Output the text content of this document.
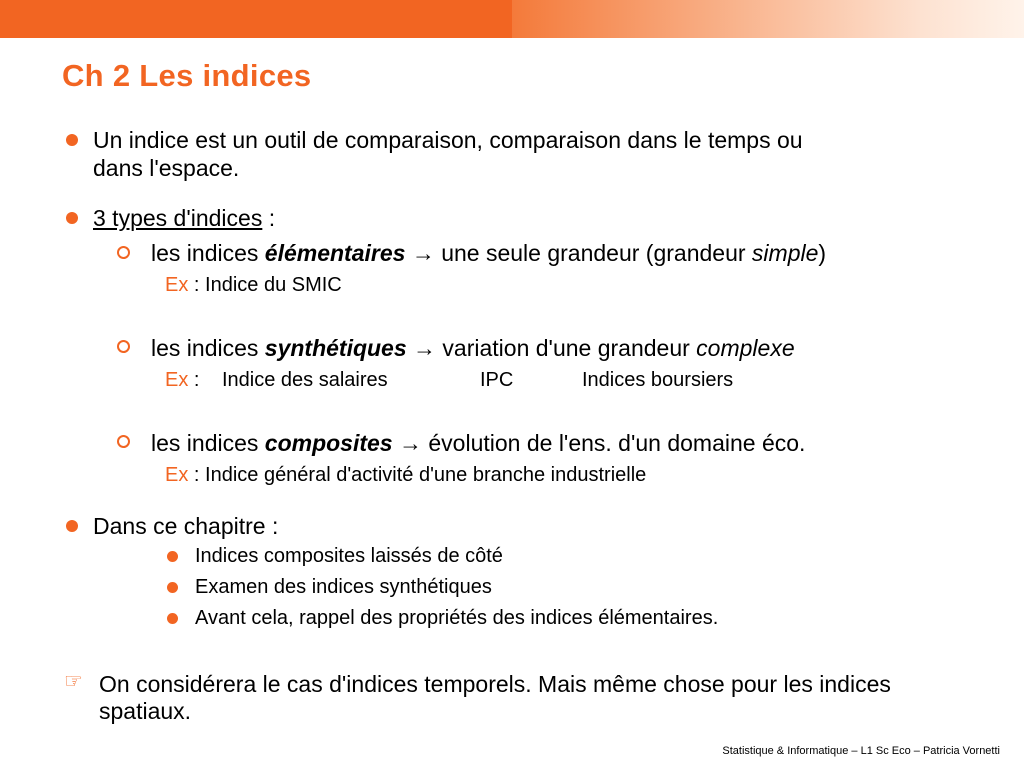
Ch 2 Les indices
Un indice est un outil de comparaison, comparaison dans le temps ou
dans l'espace.
3 types d'indices :
les indices élémentaires → une seule grandeur (grandeur simple)
Ex : Indice du SMIC
les indices synthétiques → variation d'une grandeur complexe
Ex : Indice des salaires	IPC	Indices boursiers
les indices composites → évolution de l'ens. d'un domaine éco.
Ex : Indice général d'activité d'une branche industrielle
Dans ce chapitre :
Indices composites laissés de côté
Examen des indices synthétiques
Avant cela, rappel des propriétés des indices élémentaires.
☞ On considérera le cas d'indices temporels. Mais même chose pour les indices
spatiaux.
Statistique & Informatique – L1 Sc Eco – Patricia Vornetti
